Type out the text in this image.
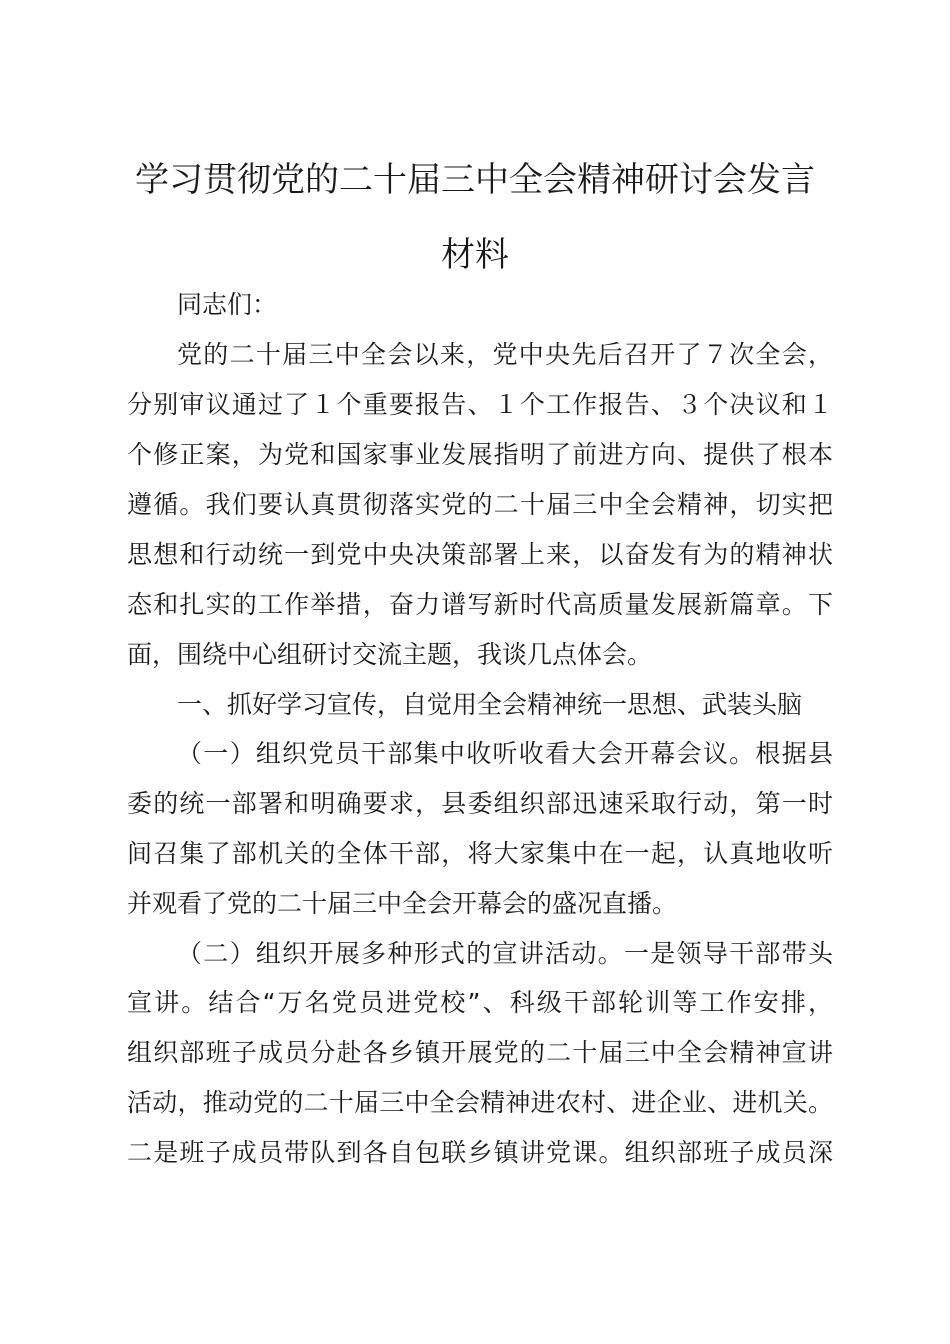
学习贯彻党的二十届三中全会精神研讨会发言
材料
同志们：
党的二十届三中全会以来，党中央先后召开了７次全会，
分别审议通过了１个重要报告、１个工作报告、３个决议和１
个修正案，为党和国家事业发展指明了前进方向、提供了根本
遵循。我们要认真贯彻落实党的二十届三中全会精神，切实把
思想和行动统一到党中央决策部署上来，以奋发有为的精神状
态和扎实的工作举措，奋力谱写新时代高质量发展新篇章。下
面，围绕中心组研讨交流主题，我谈几点体会。
一、抓好学习宣传，自觉用全会精神统一思想、武装头脑
（一）组织党员干部集中收听收看大会开幕会议。根据县
委的统一部署和明确要求，县委组织部迅速采取行动，第一时
间召集了部机关的全体干部，将大家集中在一起，认真地收听
并观看了党的二十届三中全会开幕会的盛况直播。
（二）组织开展多种形式的宣讲活动。一是领导干部带头
宣讲。结合“万名党员进党校”、科级干部轮训等工作安排，
组织部班子成员分赴各乡镇开展党的二十届三中全会精神宣讲
活动，推动党的二十届三中全会精神进农村、进企业、进机关。
二是班子成员带队到各自包联乡镇讲党课。组织部班子成员深
